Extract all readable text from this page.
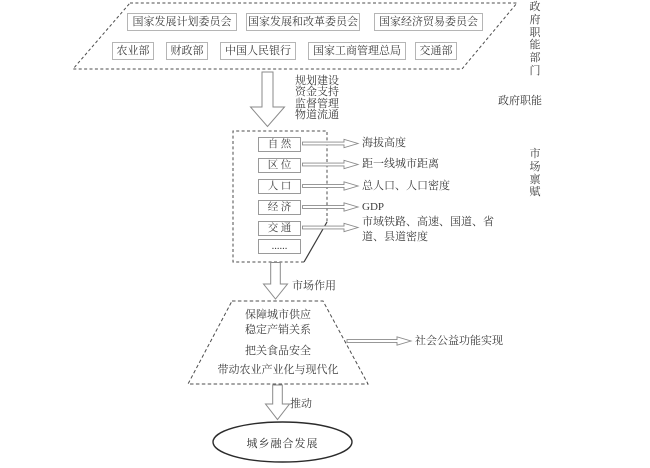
国家发展计划委员会	国家发展和改革委员会	国家经济贸易委员会
农业部	财政部	中国人民银行	国家工商管理总局	交通部
政府职能部门
政府职能
市场禀赋
规划建设
资金支持
监督管理
物道流通
自 然
区 位
人 口
经 济
交 通
......
海拔高度
距一线城市距离
总人口、人口密度
GDP
市域铁路、高速、国道、省道、县道密度
市场作用
保障城市供应
稳定产销关系
把关食品安全
带动农业产业化与现代化
社会公益功能实现
推动
城乡融合发展
